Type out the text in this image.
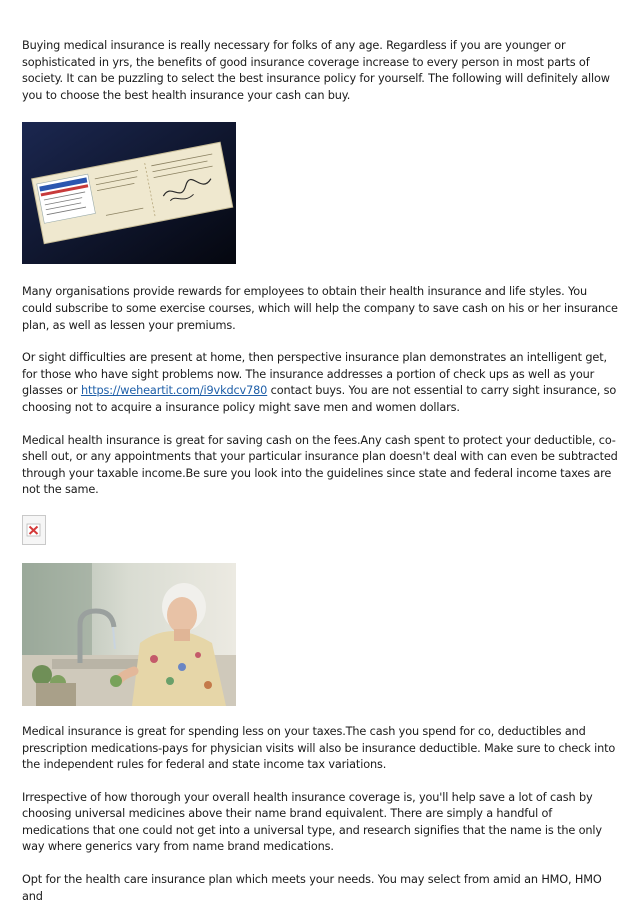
Buying medical insurance is really necessary for folks of any age. Regardless if you are younger or sophisticated in yrs, the benefits of good insurance coverage increase to every person in most parts of society. It can be puzzling to select the best insurance policy for yourself. The following will definitely allow you to choose the best health insurance your cash can buy.

Many organisations provide rewards for employees to obtain their health insurance and life styles. You could subscribe to some exercise courses, which will help the company to save cash on his or her insurance plan, as well as lessen your premiums.

Or sight difficulties are present at home, then perspective insurance plan demonstrates an intelligent get, for those who have sight problems now. The insurance addresses a portion of check ups as well as your glasses or https://weheartit.com/i9vkdcv780 contact buys. You are not essential to carry sight insurance, so choosing not to acquire a insurance policy might save men and women dollars.

Medical health insurance is great for saving cash on the fees.Any cash spent to protect your deductible, co-shell out, or any appointments that your particular insurance plan doesn't deal with can even be subtracted through your taxable income.Be sure you look into the guidelines since state and federal income taxes are not the same.

Medical insurance is great for spending less on your taxes.The cash you spend for co, deductibles and prescription medications-pays for physician visits will also be insurance deductible. Make sure to check into the independent rules for federal and state income tax variations.

Irrespective of how thorough your overall health insurance coverage is, you'll help save a lot of cash by choosing universal medicines above their name brand equivalent. There are simply a handful of medications that one could not get into a universal type, and research signifies that the name is the only way where generics vary from name brand medications.

Opt for the health care insurance plan which meets your needs. You may select from amid an HMO, HMO and
